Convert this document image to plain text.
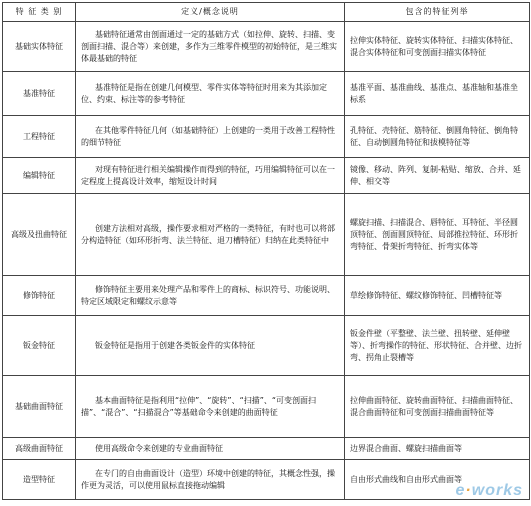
特 征 类 别	定义/概念说明	包含的特征列举
基础实体特征	基础特征通常由剖面通过一定的基础方式（如拉伸、旋转、扫描、变剖面扫描、混合等）来创建，多作为三维零件模型的初始特征，是三维实体最基础的特征	拉伸实体特征、旋转实体特征、扫描实体特征、混合实体特征和可变剖面扫描实体特征
基准特征	基准特征是指在创建几何模型、零件实体等特征时用来为其添加定位、约束、标注等的参考特征	基准平面、基准曲线、基准点、基准轴和基准坐标系
工程特征	在其他零件特征几何（如基础特征）上创建的一类用于改善工程特性的细节特征	孔特征、壳特征、筋特征、倒圆角特征、倒角特征、自动倒圆角特征和拔模特征等
编辑特征	对现有特征进行相关编辑操作而得到的特征，巧用编辑特征可以在一定程度上提高设计效率，缩短设计时间	镜像、移动、阵列、复制-粘贴、缩放、合并、延伸、相交等
高级及扭曲特征	创建方法相对高级，操作要求相对严格的一类特征，有时也可以将部分构造特征（如环形折弯、法兰特征、退刀槽特征）归纳在此类特征中	螺旋扫描、扫描混合、唇特征、耳特征、半径圆顶特征、剖面圆顶特征、局部推拉特征、环形折弯特征、骨架折弯特征、折弯实体等
修饰特征	修饰特征主要用来处理产品和零件上的商标、标识符号、功能说明、特定区域限定和螺纹示意等	草绘修饰特征、螺纹修饰特征、凹槽特征等
钣金特征	钣金特征是指用于创建各类钣金件的实体特征	钣金件壁（平整壁、法兰壁、扭转壁、延伸壁等）、折弯操作的特征、形状特征、合并壁、边折弯、拐角止裂槽等
基础曲面特征	基本曲面特征是指利用“拉伸”、“旋转”、“扫描”、“可变剖面扫描”、“混合”、“扫描混合”等基础命令来创建的曲面特征	拉伸曲面特征、旋转曲面特征、扫描曲面特征、混合曲面特征和可变剖面扫描曲面特征等
高级曲面特征	使用高级命令来创建的专业曲面特征	边界混合曲面、螺旋扫描曲面等
造型特征	在专门的自由曲面设计（造型）环境中创建的特征，其概念性强，操作更为灵活，可以使用鼠标直接拖动编辑	自由形式曲线和自由形式曲面等
e·works
